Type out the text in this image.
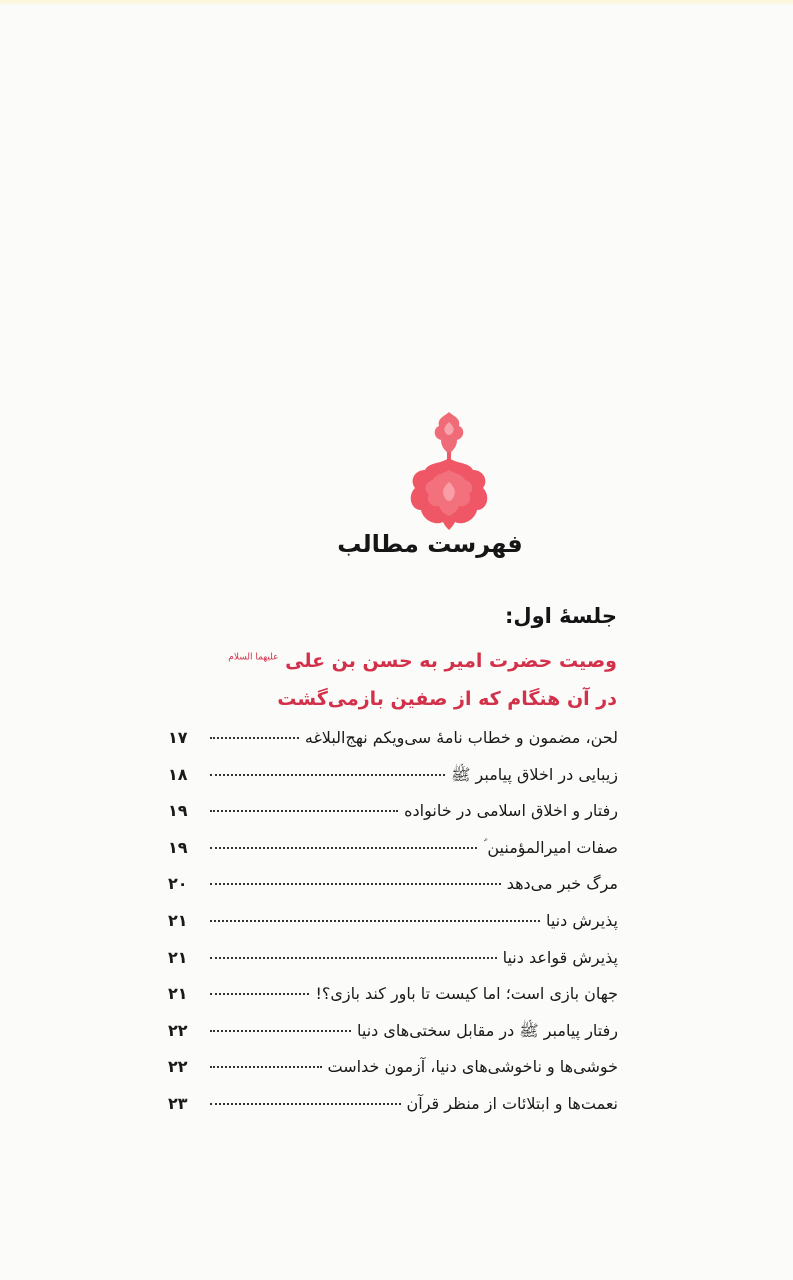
فهرست مطالب
جلسهٔ اول:
وصیت حضرت امیر به حسن بن علی $^{علیهما السلام}$
در آن هنگام که از صفین بازمی‌گشت
لحن، مضمون و خطاب نامهٔ سی‌ویکم نهج‌البلاغه
۱۷
زیبایی در اخلاق پیامبر ﷺ
۱۸
رفتار و اخلاق اسلامی در خانواده
۱۹
صفات امیرالمؤمنین ؑ
۱۹
مرگ خبر می‌دهد
۲۰
پذیرش دنیا
۲۱
پذیرش قواعد دنیا
۲۱
جهان بازی است؛ اما کیست تا باور کند بازی؟!
۲۱
رفتار پیامبر ﷺ در مقابل سختی‌های دنیا
۲۲
خوشی‌ها و ناخوشی‌های دنیا، آزمون خداست
۲۲
نعمت‌ها و ابتلائات از منظر قرآن
۲۳
